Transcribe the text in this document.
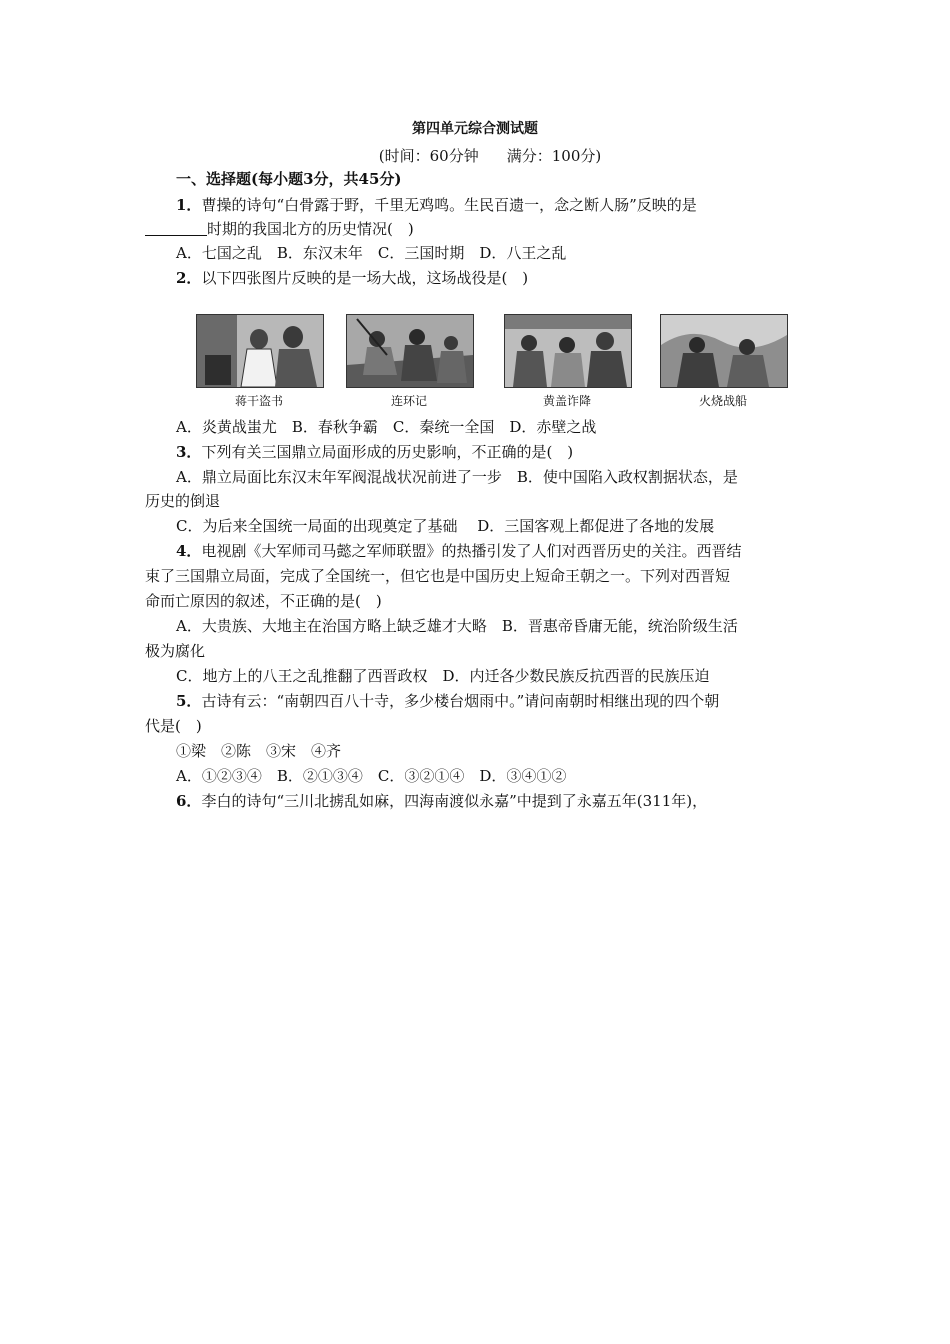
第四单元综合测试题
(时间：60分钟 满分：100分)
一、选择题(每小题3分，共45分)
1．曹操的诗句“白骨露于野，千里无鸡鸣。生民百遗一，念之断人肠”反映的是
时期的我国北方的历史情况(　)
A．七国之乱　B．东汉末年　C．三国时期　D．八王之乱
2．以下四张图片反映的是一场大战，这场战役是(　)
蒋干盗书	连环记	黄盖诈降	火烧战船
A．炎黄战蚩尤　B．春秋争霸　C．秦统一全国　D．赤壁之战
3．下列有关三国鼎立局面形成的历史影响，不正确的是(　)
A．鼎立局面比东汉末年军阀混战状况前进了一步　B．使中国陷入政权割据状态，是
历史的倒退
C．为后来全国统一局面的出现奠定了基础　 D．三国客观上都促进了各地的发展
4．电视剧《大军师司马懿之军师联盟》的热播引发了人们对西晋历史的关注。西晋结
束了三国鼎立局面，完成了全国统一，但它也是中国历史上短命王朝之一。下列对西晋短
命而亡原因的叙述，不正确的是(　)
A．大贵族、大地主在治国方略上缺乏雄才大略　B．晋惠帝昏庸无能，统治阶级生活
极为腐化
C．地方上的八王之乱推翻了西晋政权　D．内迁各少数民族反抗西晋的民族压迫
5．古诗有云：“南朝四百八十寺，多少楼台烟雨中。”请问南朝时相继出现的四个朝
代是(　)
①梁　②陈　③宋　④齐
A．①②③④　B．②①③④　C．③②①④　D．③④①②
6．李白的诗句“三川北掳乱如麻，四海南渡似永嘉”中提到了永嘉五年(311年)，
